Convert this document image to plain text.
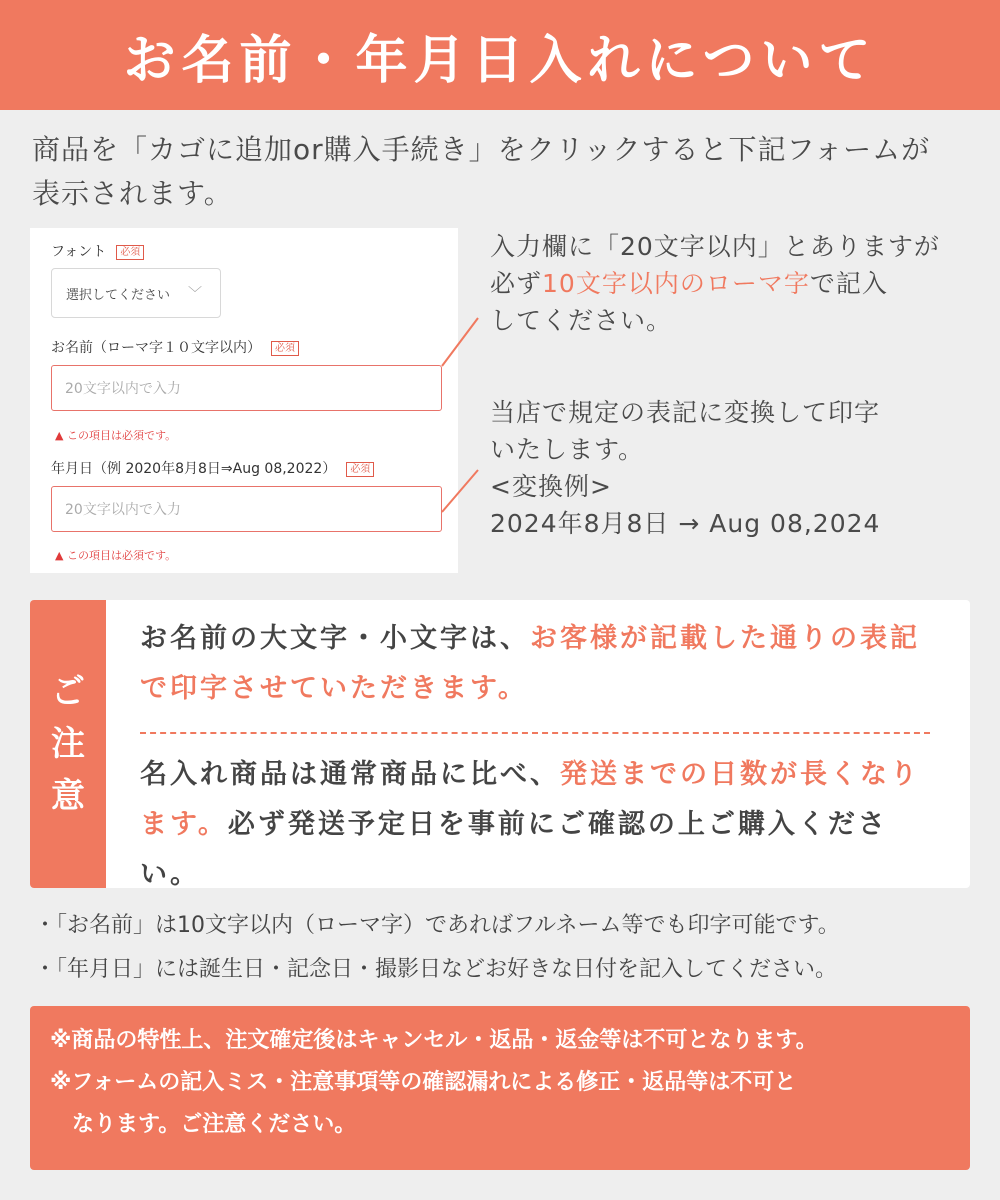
お名前・年月日入れについて
商品を「カゴに追加or購入手続き」をクリックすると下記フォームが
表示されます。
フォント 必須
選択してください ﹀
お名前（ローマ字１０文字以内） 必須
20文字以内で入力
▲ この項目は必須です。
年月日（例 2020年8月8日⇒Aug 08,2022） 必須
20文字以内で入力
▲ この項目は必須です。
入力欄に「20文字以内」とありますが
必ず10文字以内のローマ字で記入
してください。
当店で規定の表記に変換して印字
いたします。
<変換例>
2024年8月8日 → Aug 08,2024
ご
注
意
お名前の大文字・小文字は、お客様が記載した通りの表記で印字させていただきます。
名入れ商品は通常商品に比べ、発送までの日数が長くなります。必ず発送予定日を事前にご確認の上ご購入ください。
・「お名前」は10文字以内（ローマ字）であればフルネーム等でも印字可能です。
・「年月日」には誕生日・記念日・撮影日などお好きな日付を記入してください。
※商品の特性上、注文確定後はキャンセル・返品・返金等は不可となります。
※フォームの記入ミス・注意事項等の確認漏れによる修正・返品等は不可と
なります。ご注意ください。
